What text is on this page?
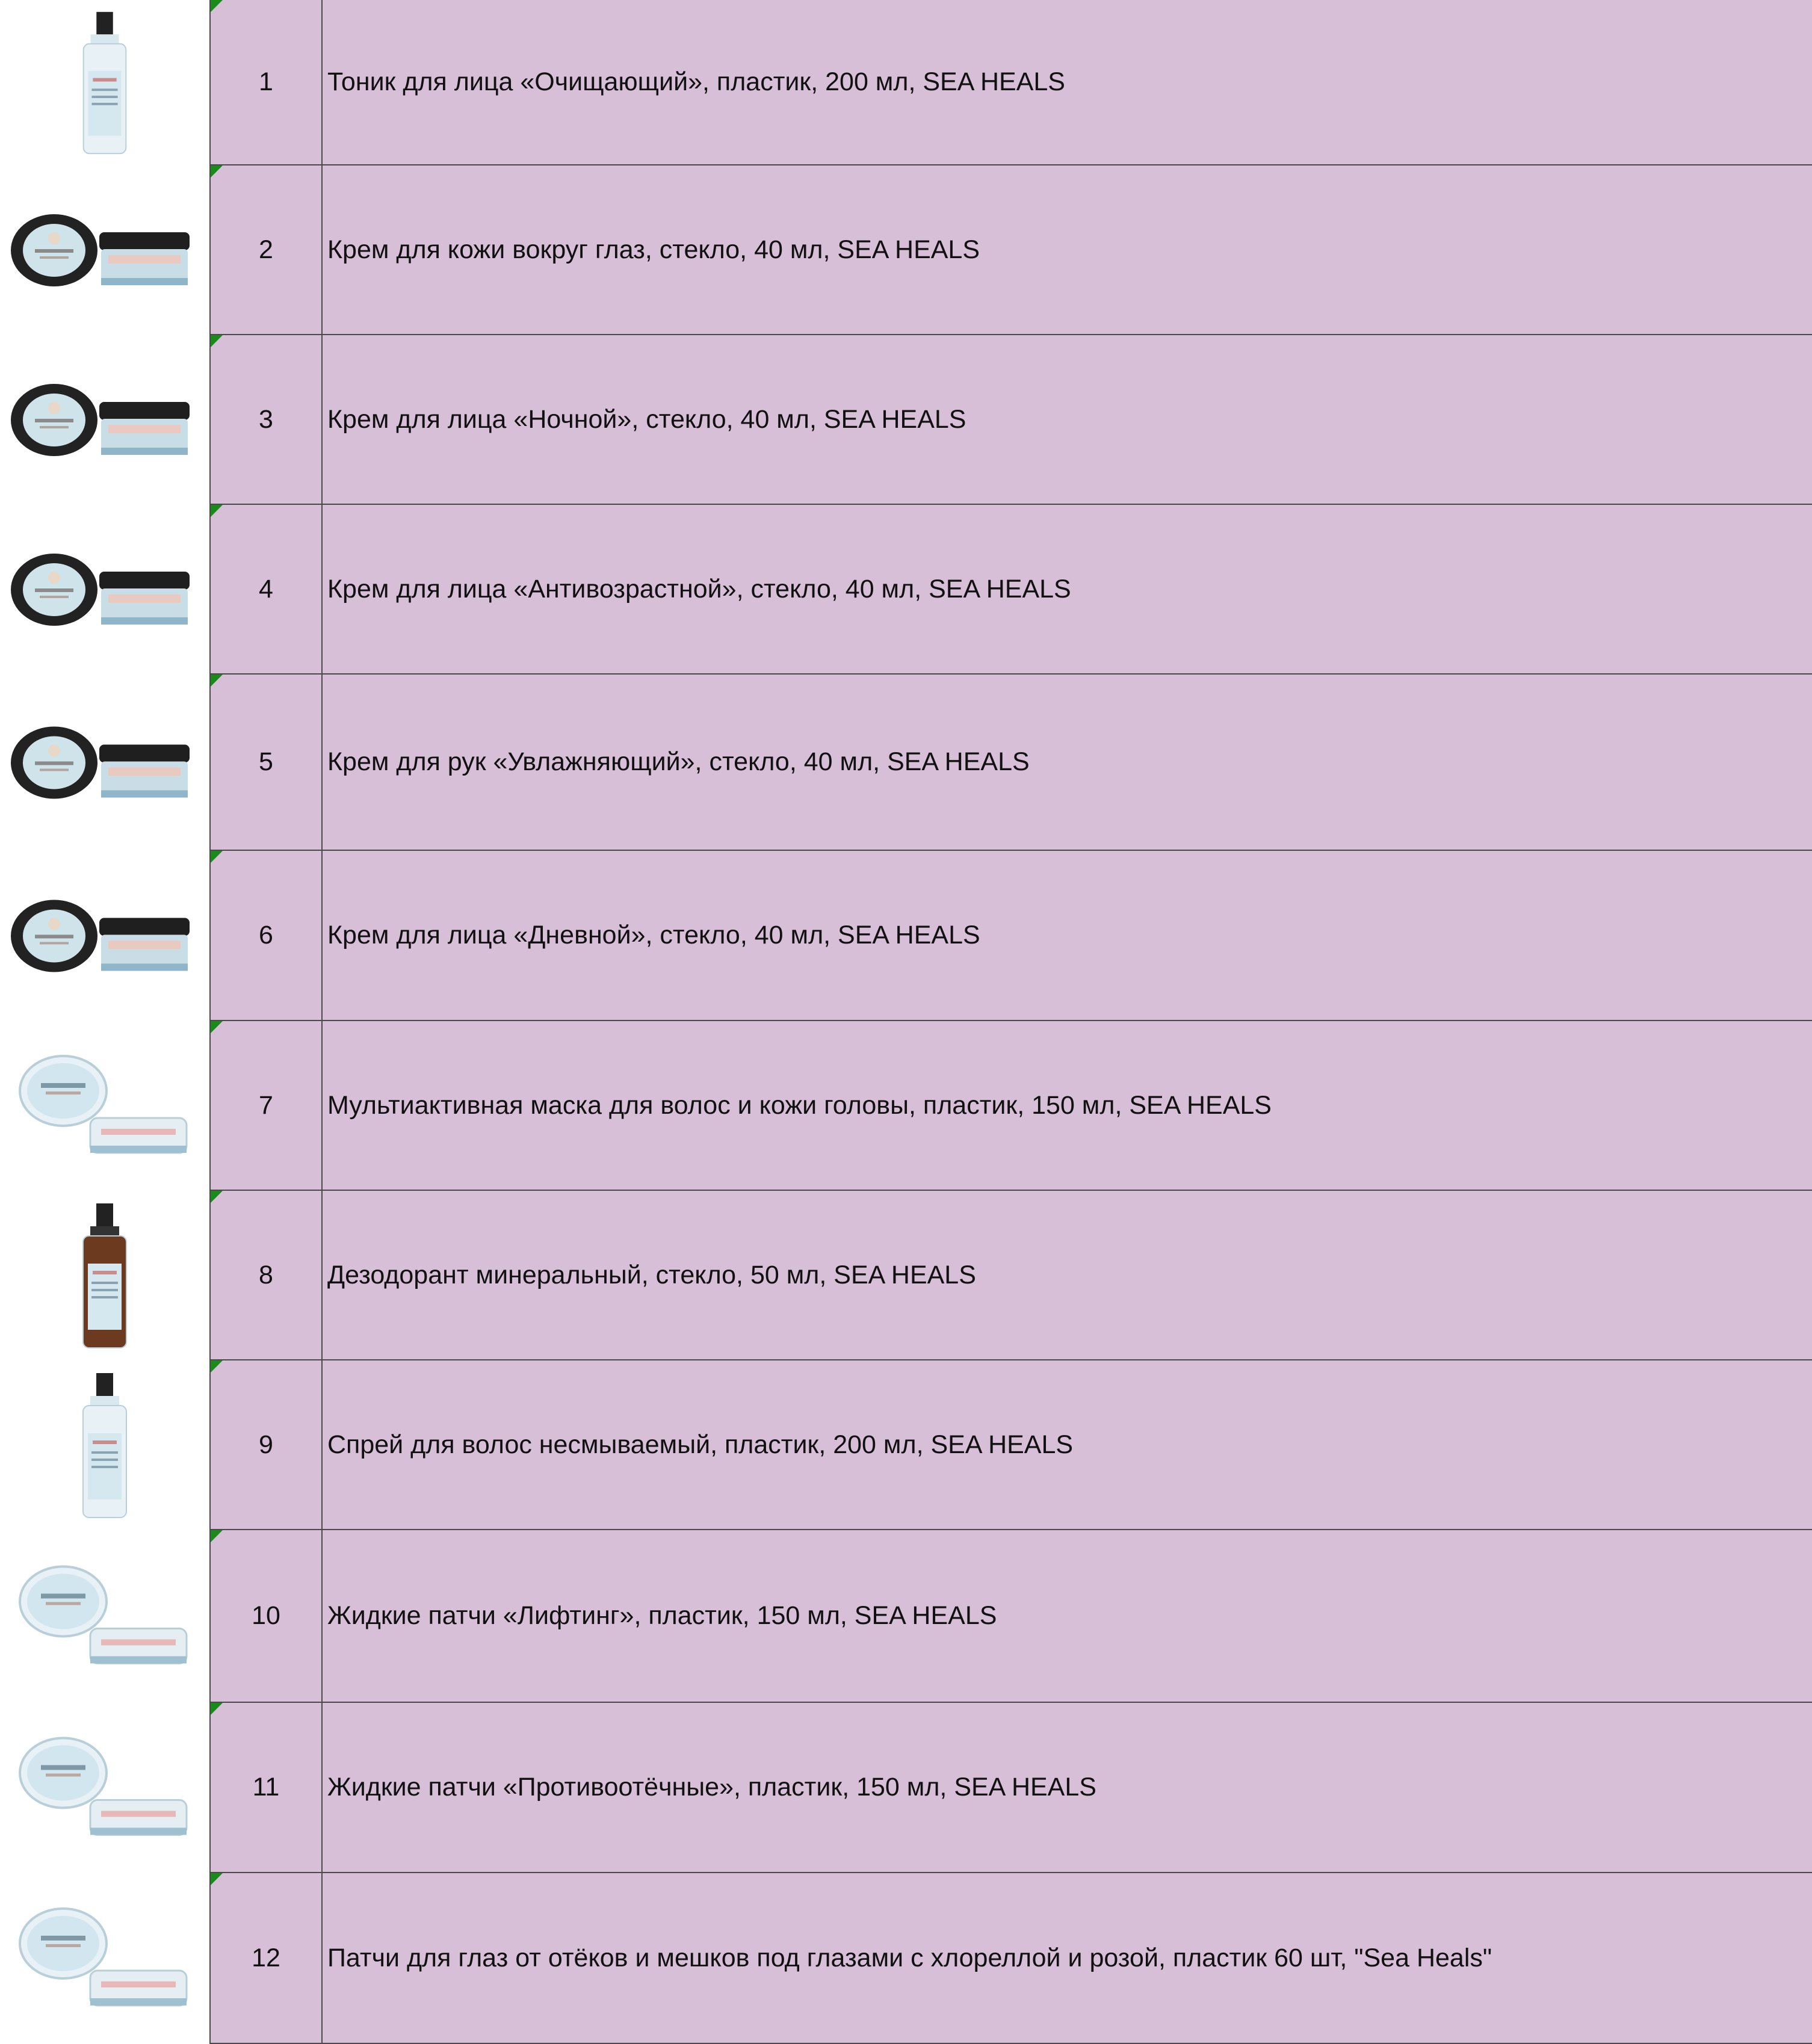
1	Тоник для лица «Очищающий», пластик, 200 мл, SEA HEALS
2	Крем для кожи вокруг глаз, стекло, 40 мл, SEA HEALS
3	Крем для лица «Ночной», стекло, 40 мл, SEA HEALS
4	Крем для лица «Антивозрастной», стекло, 40 мл, SEA HEALS
5	Крем для рук «Увлажняющий», стекло, 40 мл, SEA HEALS
6	Крем для лица «Дневной», стекло, 40 мл, SEA HEALS
7	Мультиактивная маска для волос и кожи головы, пластик, 150 мл, SEA HEALS
8	Дезодорант минеральный, стекло, 50 мл, SEA HEALS
9	Спрей для волос несмываемый, пластик, 200 мл, SEA HEALS
10	Жидкие патчи «Лифтинг», пластик, 150 мл, SEA HEALS
11	Жидкие патчи «Противоотёчные», пластик, 150 мл, SEA HEALS
12	Патчи для глаз от отёков и мешков под глазами с хлореллой и розой, пластик 60 шт, "Sea Heals"
